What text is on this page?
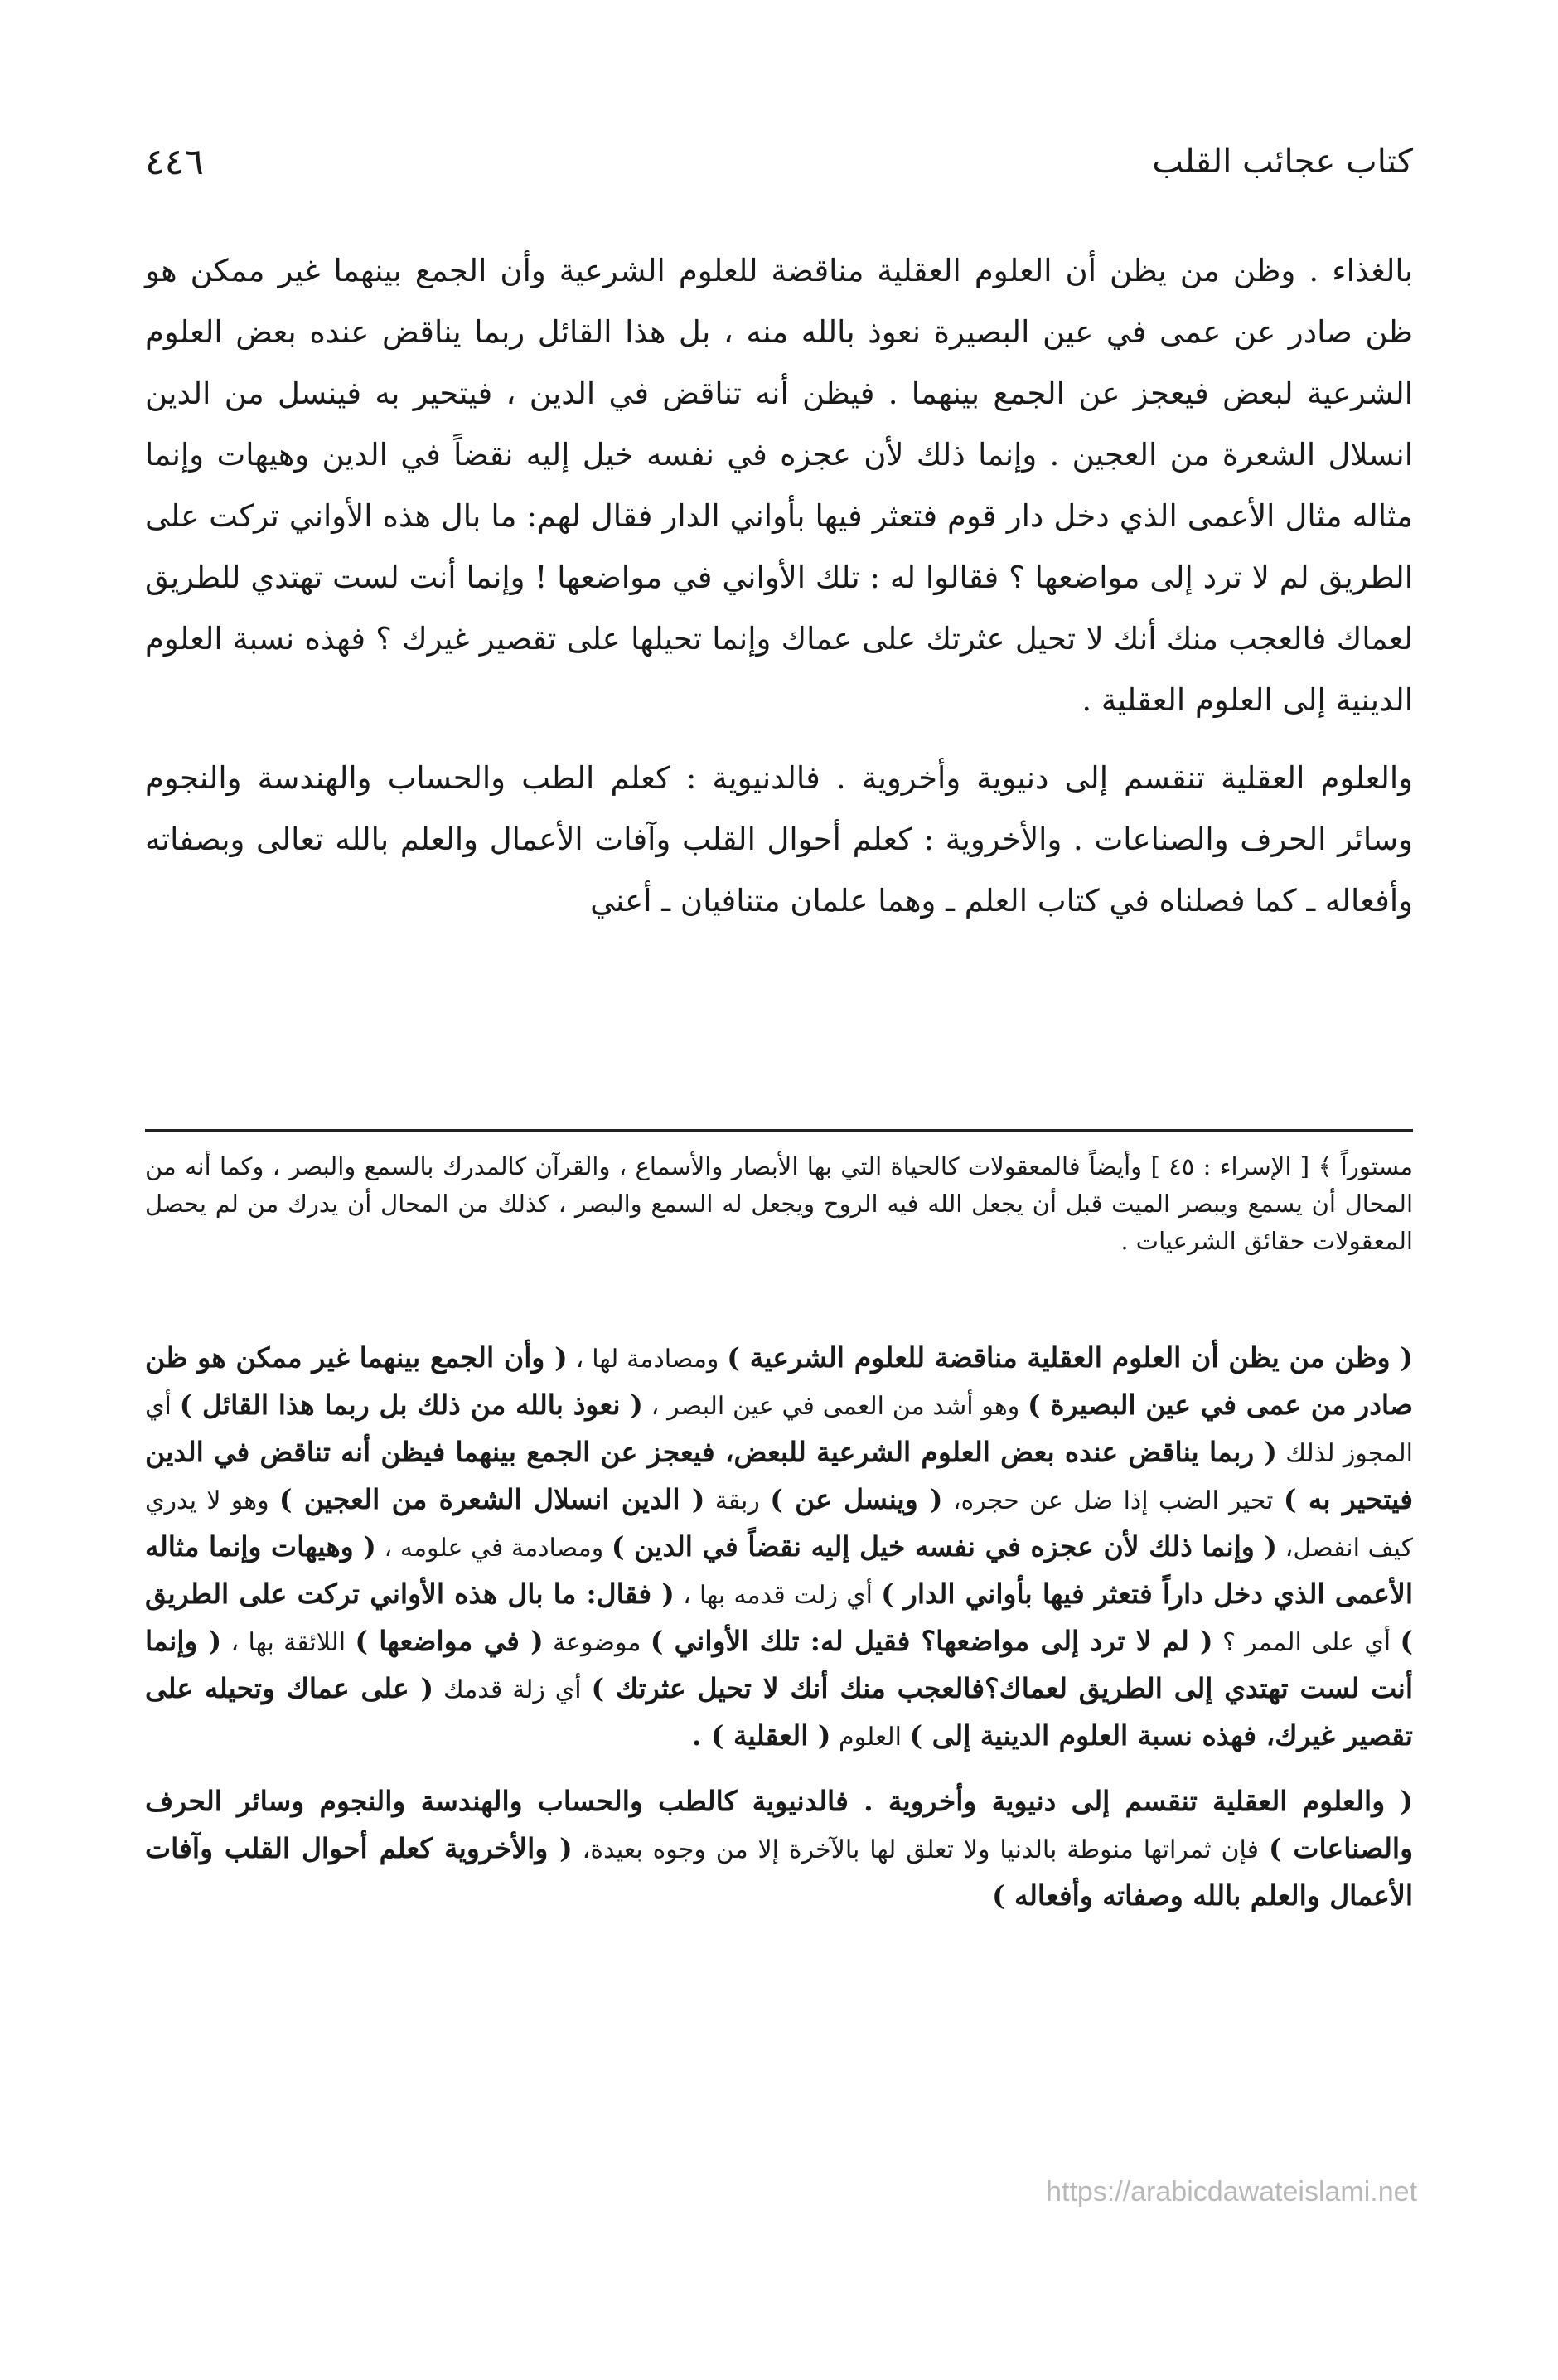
كتاب عجائب القلب
٤٤٦

بالغذاء . وظن من يظن أن العلوم العقلية مناقضة للعلوم الشرعية وأن الجمع بينهما غير ممكن هو ظن صادر عن عمى في عين البصيرة نعوذ بالله منه ، بل هذا القائل ربما يناقض عنده بعض العلوم الشرعية لبعض فيعجز عن الجمع بينهما . فيظن أنه تناقض في الدين ، فيتحير به فينسل من الدين انسلال الشعرة من العجين . وإنما ذلك لأن عجزه في نفسه خيل إليه نقضاً في الدين وهيهات وإنما مثاله مثال الأعمى الذي دخل دار قوم فتعثر فيها بأواني الدار فقال لهم: ما بال هذه الأواني تركت على الطريق لم لا ترد إلى مواضعها ؟ فقالوا له : تلك الأواني في مواضعها ! وإنما أنت لست تهتدي للطريق لعماك فالعجب منك أنك لا تحيل عثرتك على عماك وإنما تحيلها على تقصير غيرك ؟ فهذه نسبة العلوم الدينية إلى العلوم العقلية .

والعلوم العقلية تنقسم إلى دنيوية وأخروية . فالدنيوية : كعلم الطب والحساب والهندسة والنجوم وسائر الحرف والصناعات . والأخروية : كعلم أحوال القلب وآفات الأعمال والعلم بالله تعالى وبصفاته وأفعاله ـ كما فصلناه في كتاب العلم ـ وهما علمان متنافيان ـ أعني

مستوراً ﴾ [ الإسراء : ٤٥ ] وأيضاً فالمعقولات كالحياة التي بها الأبصار والأسماع ، والقرآن كالمدرك بالسمع والبصر ، وكما أنه من المحال أن يسمع ويبصر الميت قبل أن يجعل الله فيه الروح ويجعل له السمع والبصر ، كذلك من المحال أن يدرك من لم يحصل المعقولات حقائق الشرعيات .

( وظن من يظن أن العلوم العقلية مناقضة للعلوم الشرعية ) ومصادمة لها ، ( وأن الجمع بينهما غير ممكن هو ظن صادر من عمى في عين البصيرة ) وهو أشد من العمى في عين البصر ، ( نعوذ بالله من ذلك بل ربما هذا القائل ) أي المجوز لذلك ( ربما يناقض عنده بعض العلوم الشرعية للبعض، فيعجز عن الجمع بينهما فيظن أنه تناقض في الدين فيتحير به ) تحير الضب إذا ضل عن حجره، ( وينسل عن ) ربقة ( الدين انسلال الشعرة من العجين ) وهو لا يدري كيف انفصل، ( وإنما ذلك لأن عجزه في نفسه خيل إليه نقضاً في الدين ) ومصادمة في علومه ، ( وهيهات وإنما مثاله الأعمى الذي دخل داراً فتعثر فيها بأواني الدار ) أي زلت قدمه بها ، ( فقال: ما بال هذه الأواني تركت على الطريق ) أي على الممر ؟ ( لم لا ترد إلى مواضعها؟ فقيل له: تلك الأواني ) موضوعة ( في مواضعها ) اللائقة بها ، ( وإنما أنت لست تهتدي إلى الطريق لعماك؟فالعجب منك أنك لا تحيل عثرتك ) أي زلة قدمك ( على عماك وتحيله على تقصير غيرك، فهذه نسبة العلوم الدينية إلى ) العلوم ( العقلية ) .

( والعلوم العقلية تنقسم إلى دنيوية وأخروية . فالدنيوية كالطب والحساب والهندسة والنجوم وسائر الحرف والصناعات ) فإن ثمراتها منوطة بالدنيا ولا تعلق لها بالآخرة إلا من وجوه بعيدة، ( والأخروية كعلم أحوال القلب وآفات الأعمال والعلم بالله وصفاته وأفعاله )

https://arabicdawateislami.net
